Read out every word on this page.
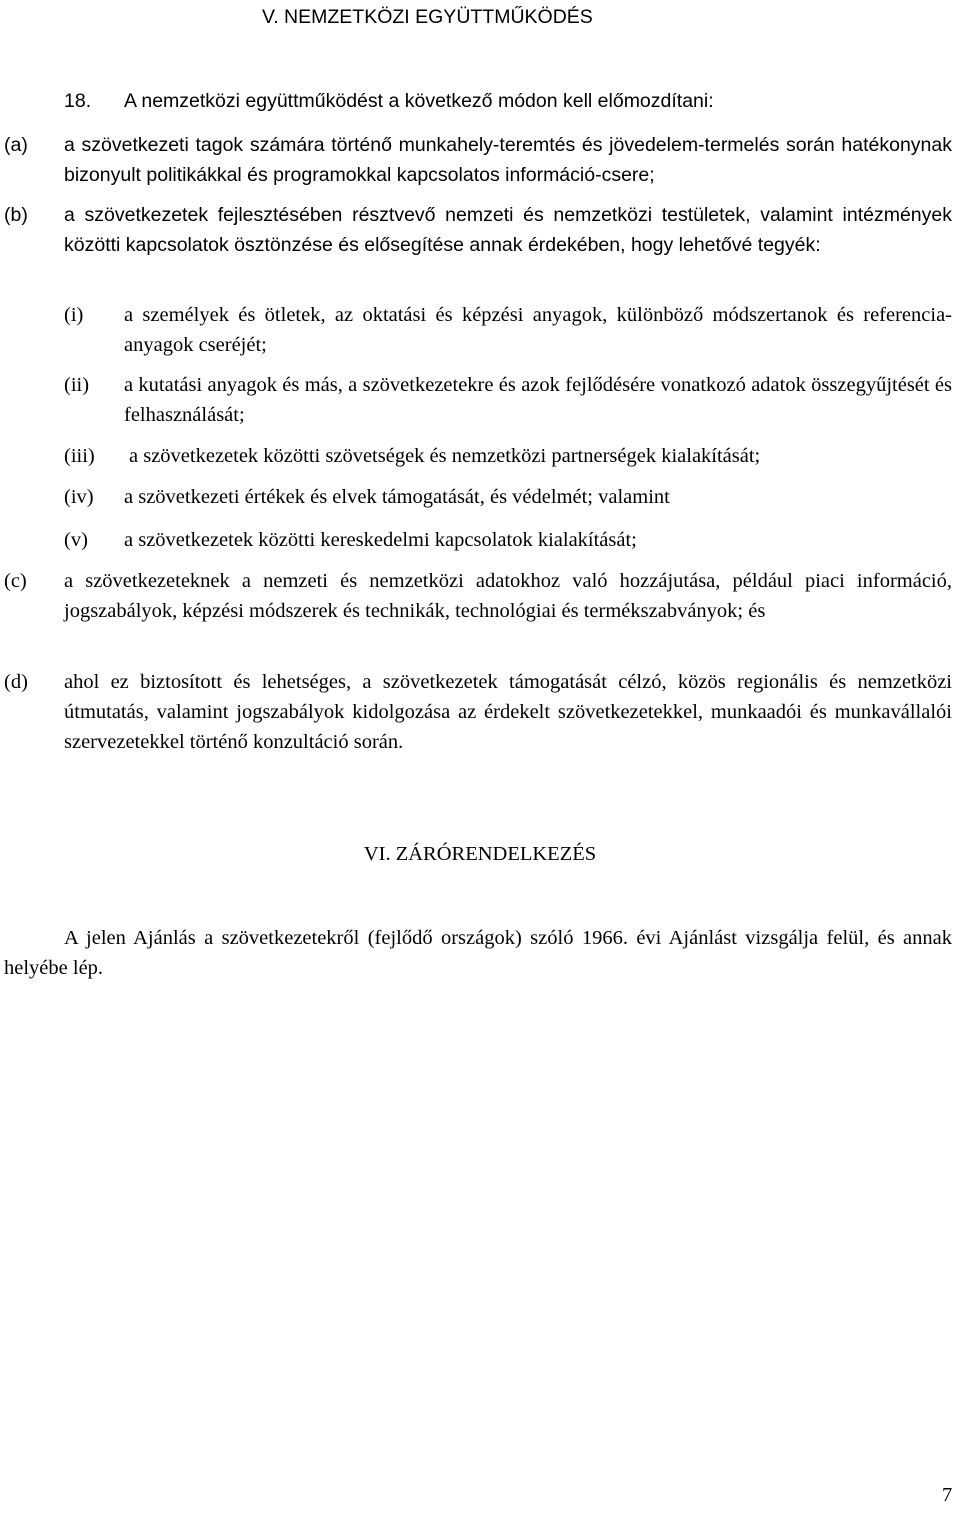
V. NEMZETKÖZI EGYÜTTMŰKÖDÉS
18. A nemzetközi együttműködést a következő módon kell előmozdítani:
(a) a szövetkezeti tagok számára történő munkahely-teremtés és jövedelem-termelés során hatékonynak bizonyult politikákkal és programokkal kapcsolatos információ-csere;
(b) a szövetkezetek fejlesztésében résztvevő nemzeti és nemzetközi testületek, valamint intézmények közötti kapcsolatok ösztönzése és elősegítése annak érdekében, hogy lehetővé tegyék:
(i) a személyek és ötletek, az oktatási és képzési anyagok, különböző módszertanok és referencia-anyagok cseréjét;
(ii) a kutatási anyagok és más, a szövetkezetekre és azok fejlődésére vonatkozó adatok összegyűjtését és felhasználását;
(iii) a szövetkezetek közötti szövetségek és nemzetközi partnerségek kialakítását;
(iv) a szövetkezeti értékek és elvek támogatását, és védelmét; valamint
(v) a szövetkezetek közötti kereskedelmi kapcsolatok kialakítását;
(c) a szövetkezeteknek a nemzeti és nemzetközi adatokhoz való hozzájutása, például piaci információ, jogszabályok, képzési módszerek és technikák, technológiai és termékszabványok; és
(d) ahol ez biztosított és lehetséges, a szövetkezetek támogatását célzó, közös regionális és nemzetközi útmutatás, valamint jogszabályok kidolgozása az érdekelt szövetkezetekkel, munkaadói és munkavállalói szervezetekkel történő konzultáció során.
VI. ZÁRÓRENDELKEZÉS
A jelen Ajánlás a szövetkezetekről (fejlődő országok) szóló 1966. évi Ajánlást vizsgálja felül, és annak helyébe lép.
7
